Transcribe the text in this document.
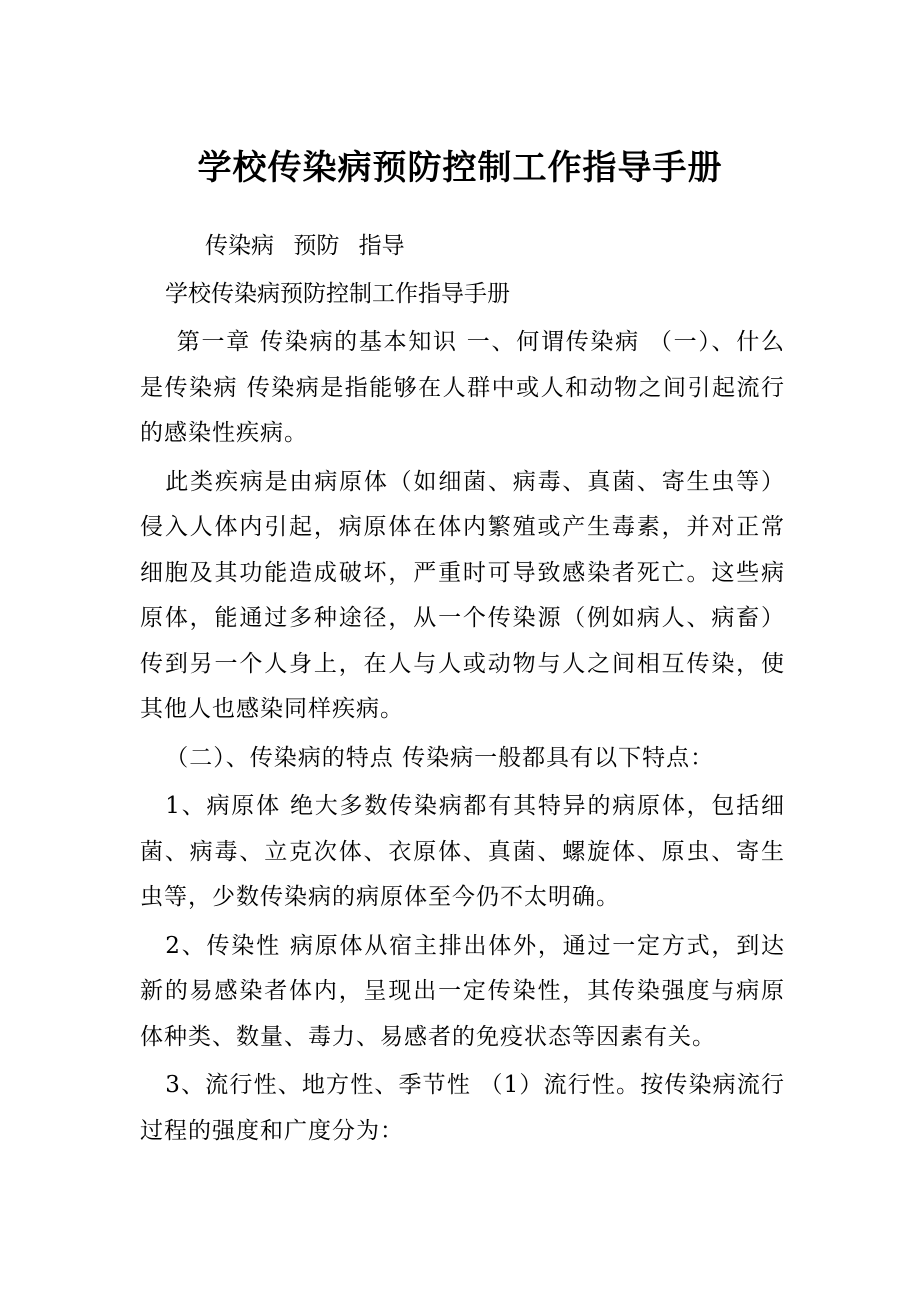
学校传染病预防控制工作指导手册
传染病 预防 指导
学校传染病预防控制工作指导手册

第一章 传染病的基本知识 一、何谓传染病 （一）、什么是传染病 传染病是指能够在人群中或人和动物之间引起流行的感染性疾病。

此类疾病是由病原体（如细菌、病毒、真菌、寄生虫等）侵入人体内引起，病原体在体内繁殖或产生毒素，并对正常细胞及其功能造成破坏，严重时可导致感染者死亡。这些病原体，能通过多种途径，从一个传染源（例如病人、病畜）传到另一个人身上，在人与人或动物与人之间相互传染，使其他人也感染同样疾病。

（二）、传染病的特点 传染病一般都具有以下特点：

1、病原体 绝大多数传染病都有其特异的病原体，包括细菌、病毒、立克次体、衣原体、真菌、螺旋体、原虫、寄生虫等，少数传染病的病原体至今仍不太明确。

2、传染性 病原体从宿主排出体外，通过一定方式，到达新的易感染者体内，呈现出一定传染性，其传染强度与病原体种类、数量、毒力、易感者的免疫状态等因素有关。

3、流行性、地方性、季节性 （1）流行性。按传染病流行过程的强度和广度分为：
